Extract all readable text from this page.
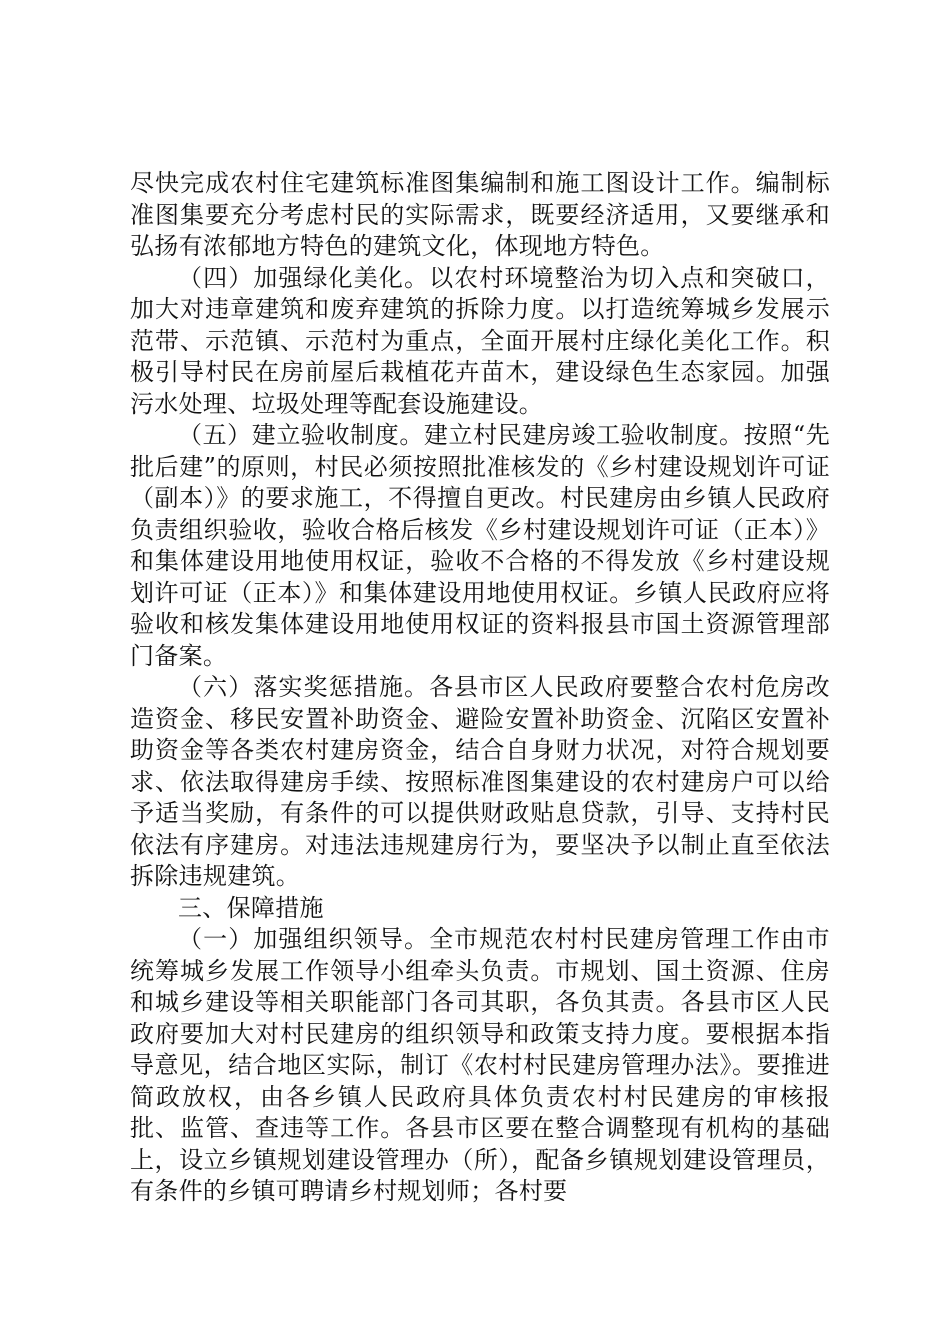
尽快完成农村住宅建筑标准图集编制和施工图设计工作。编制标准图集要充分考虑村民的实际需求，既要经济适用，又要继承和弘扬有浓郁地方特色的建筑文化，体现地方特色。

（四）加强绿化美化。以农村环境整治为切入点和突破口，加大对违章建筑和废弃建筑的拆除力度。以打造统筹城乡发展示范带、示范镇、示范村为重点，全面开展村庄绿化美化工作。积极引导村民在房前屋后栽植花卉苗木，建设绿色生态家园。加强污水处理、垃圾处理等配套设施建设。

（五）建立验收制度。建立村民建房竣工验收制度。按照“先批后建”的原则，村民必须按照批准核发的《乡村建设规划许可证（副本）》的要求施工，不得擅自更改。村民建房由乡镇人民政府负责组织验收，验收合格后核发《乡村建设规划许可证（正本）》和集体建设用地使用权证，验收不合格的不得发放《乡村建设规划许可证（正本）》和集体建设用地使用权证。乡镇人民政府应将验收和核发集体建设用地使用权证的资料报县市国土资源管理部门备案。

（六）落实奖惩措施。各县市区人民政府要整合农村危房改造资金、移民安置补助资金、避险安置补助资金、沉陷区安置补助资金等各类农村建房资金，结合自身财力状况，对符合规划要求、依法取得建房手续、按照标准图集建设的农村建房户可以给予适当奖励，有条件的可以提供财政贴息贷款，引导、支持村民依法有序建房。对违法违规建房行为，要坚决予以制止直至依法拆除违规建筑。

三、保障措施

（一）加强组织领导。全市规范农村村民建房管理工作由市统筹城乡发展工作领导小组牵头负责。市规划、国土资源、住房和城乡建设等相关职能部门各司其职，各负其责。各县市区人民政府要加大对村民建房的组织领导和政策支持力度。要根据本指导意见，结合地区实际，制订《农村村民建房管理办法》。要推进简政放权，由各乡镇人民政府具体负责农村村民建房的审核报批、监管、查违等工作。各县市区要在整合调整现有机构的基础上，设立乡镇规划建设管理办（所），配备乡镇规划建设管理员，有条件的乡镇可聘请乡村规划师；各村要
